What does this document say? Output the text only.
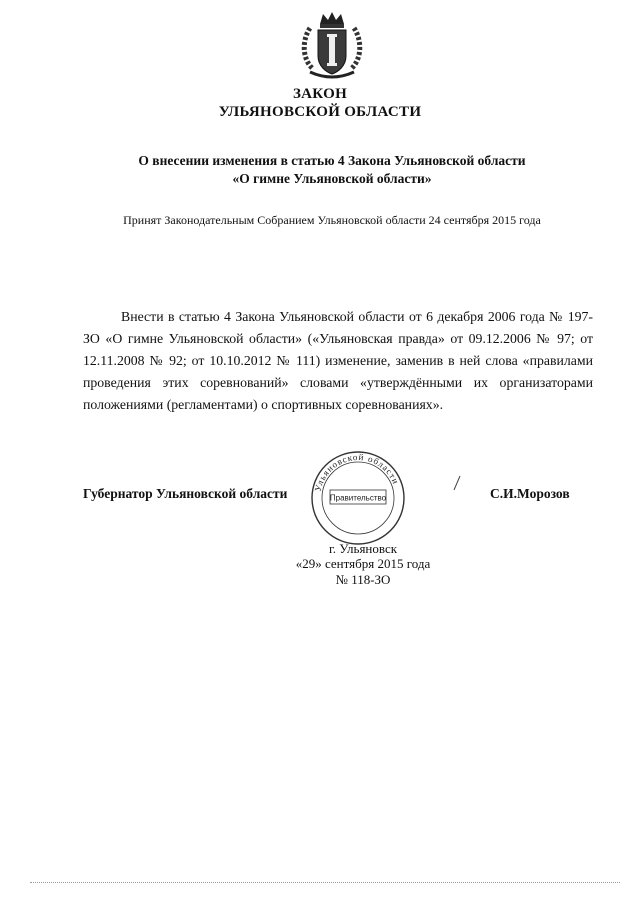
ЗАКОН
УЛЬЯНОВСКОЙ ОБЛАСТИ
О внесении изменения в статью 4 Закона Ульяновской области
«О гимне Ульяновской области»
Принят Законодательным Собранием Ульяновской области 24 сентября 2015 года
Внести в статью 4 Закона Ульяновской области от 6 декабря 2006 года № 197-ЗО «О гимне Ульяновской области» («Ульяновская правда» от 09.12.2006 № 97; от 12.11.2008 № 92; от 10.10.2012 № 111) изменение, заменив в ней слова «правилами проведения этих соревнований» словами «утверждёнными их организаторами положениями (регламентами) о спортивных соревнованиях».
Ульяновской области
Правительство
Губернатор Ульяновской области	С.И.Морозов
г. Ульяновск
«29» сентября 2015 года
№ 118-ЗО
